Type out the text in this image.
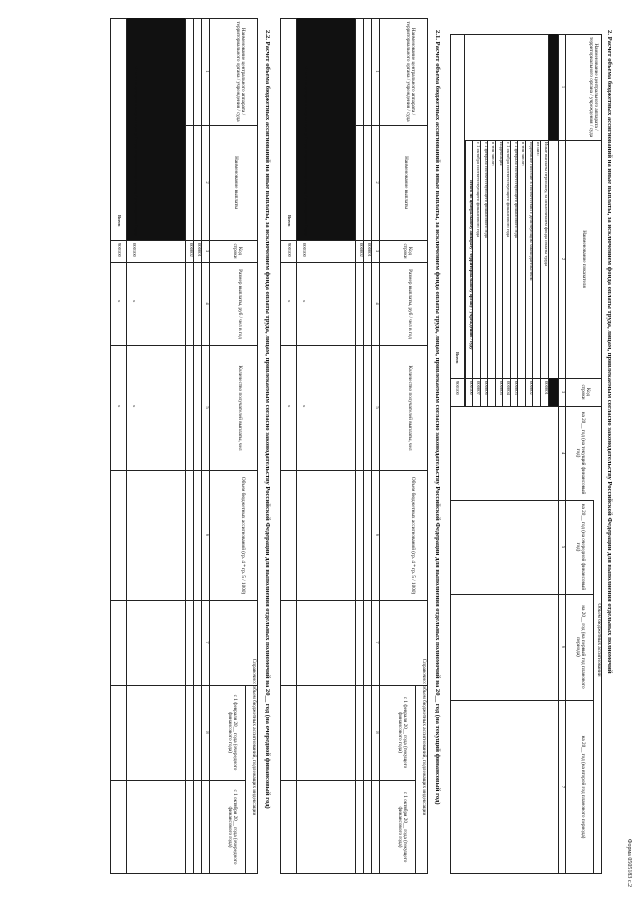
Форма 0505183 с.2
2. Расчет объема бюджетных ассигнований на иные выплаты, за исключением фонда оплаты труда, лицам, привлекаемым согласно законодательству Российской Федерации для выполнения отдельных полномочий
Наименование центрального аппарата / территориального органа / учреждения / суда
Наименование показателя
Код строки
Объем бюджетных ассигнований
на 20__ год (на текущий финансовый год)
на 20__ год (на очередной финансовый год)
на 20__ год (на первый год планового периода)
на 20__ год (на второй год планового периода)
1
2
3
4
5
6
7
Иные выплаты персоналу, за исключением фонда оплаты труда
000001
из них:
подъемное пособие в соответствии с действующим законодательством
000002
в том числе:
с 1 февраля соответствующего финансового года
000003
с 1 октября соответствующего финансового года
000004
Индексация
000005
в том числе:
с 1 февраля соответствующего финансового года
000006
с 1 октября соответствующего финансового года
000007
Итого по центральному аппарату / территориальному органу / учреждению / суду
000100
Всего
900100
2.1. Расчет объема бюджетных ассигнований на иные выплаты, за исключением фонда оплаты труда, лицам, привлекаемым согласно законодательству Российской Федерации для выполнения отдельных полномочий на 20__ год (на текущий финансовый год)
Наименование центрального аппарата / территориального органа / учреждения / суда
Наименование выплаты
Код строки
Размер выплаты, руб / чел в год
Количество получателей выплаты, чел
Объем бюджетных ассигнований (гр. 4 * гр. 5 / 1000)
Справочно: объем бюджетных ассигнований, подлежащих индексации
с 1 февраля 20__ года (текущего финансового года)
с 1 октября 20__ года (текущего финансового года)
1
2
3
4
5
6
7
8
000001
000002
Итого по центральному аппарату / территориальному органу / учреждению / суду
000100
Всего
900100
x
x
x
x
2.2. Расчет объема бюджетных ассигнований на иные выплаты, за исключением фонда оплаты труда, лицам, привлекаемым согласно законодательству Российской Федерации для выполнения отдельных полномочий на 20__ год (на очередной финансовый год)
Наименование центрального аппарата / территориального органа / учреждения / суда
Наименование выплаты
Код строки
Размер выплаты, руб / чел в год
Количество получателей выплаты, чел
Объем бюджетных ассигнований (гр. 4 * гр. 5 / 1000)
Справочно: объем бюджетных ассигнований, подлежащих индексации
с 1 февраля 20__ года (очередного финансового года)
с 1 октября 20__ года (очередного финансового года)
1
2
3
4
5
6
7
8
000001
000002
Итого по центральному аппарату / территориальному органу / учреждению / суду
000100
Всего
900100
x
x
x
x
